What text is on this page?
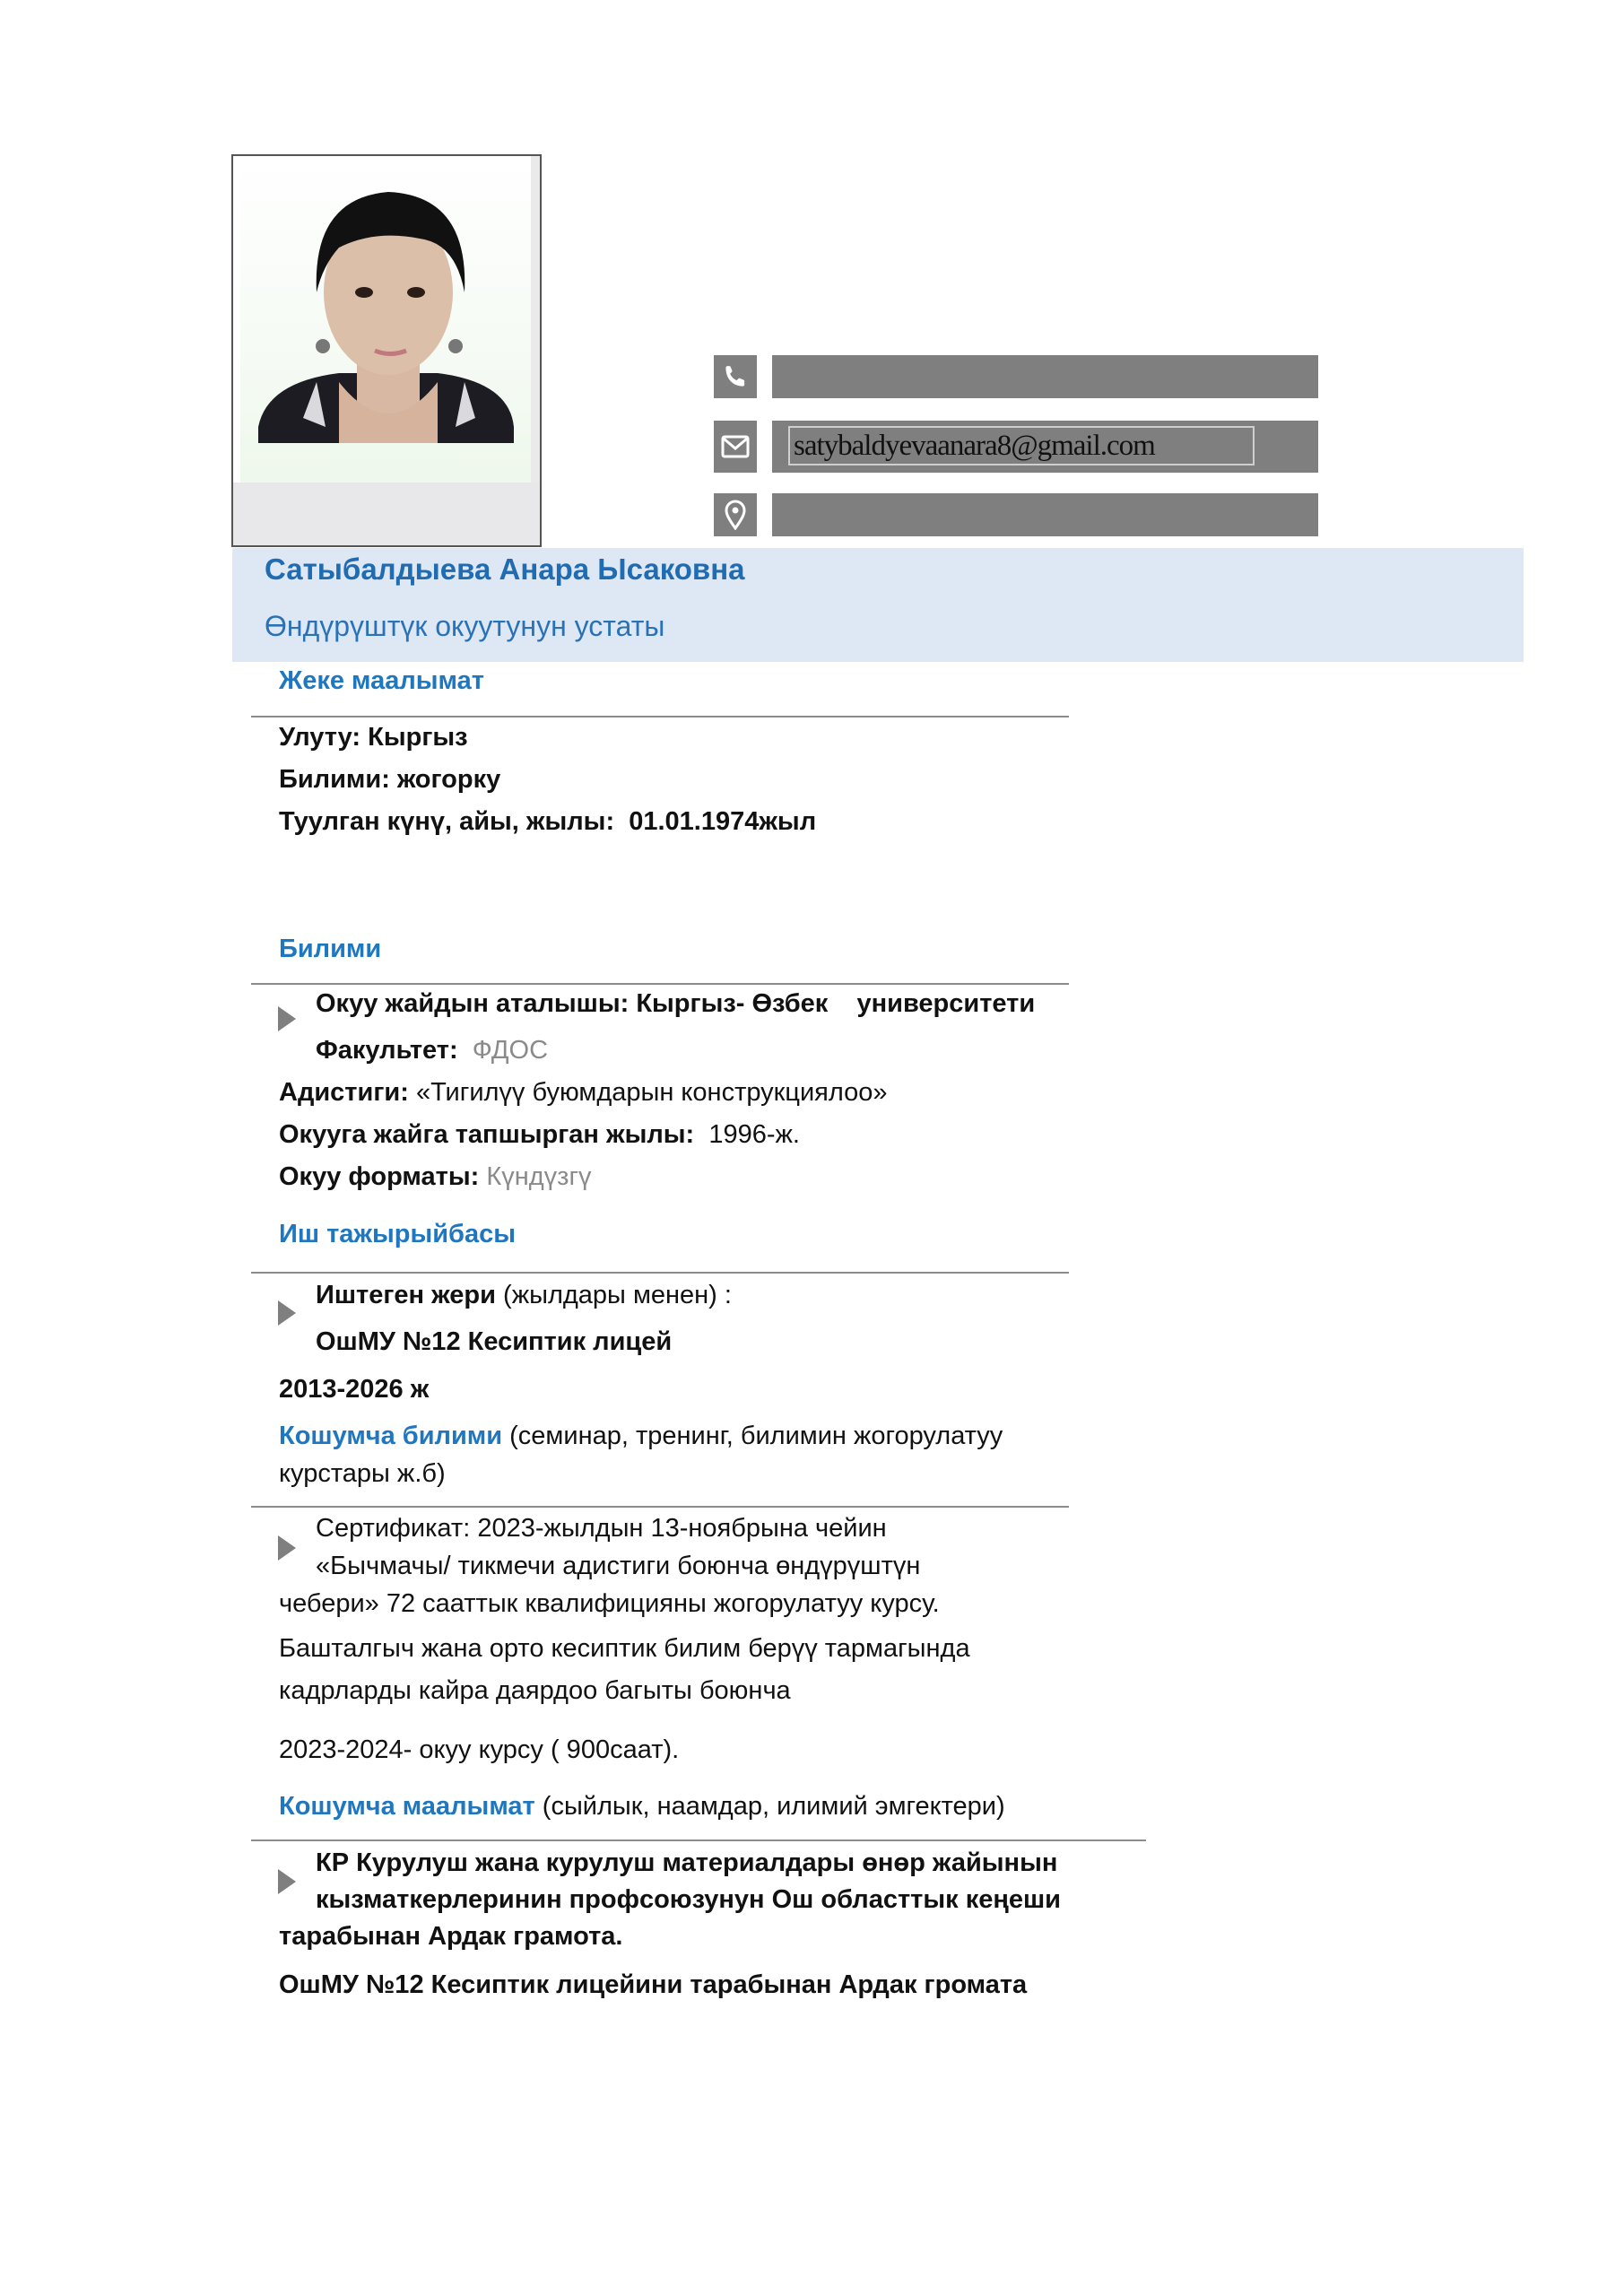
satybaldyevaanara8@gmail.com
Сатыбалдыева Анара Ысаковна
Өндүрүштүк окуутунун устаты
Жеке маалымат
Улуту: Кыргыз
Билими: жогорку
Туулган күнү, айы, жылы: 01.01.1974жыл
Билими
Окуу жайдын аталышы: Кыргыз- Өзбек    университети
Факультет: ФДОС
Адистиги: «Тигилүү буюмдарын конструкциялоо»
Окууга жайга тапшырган жылы: 1996-ж.
Окуу форматы: Күндүзгү
Иш тажырыйбасы
Иштеген жери (жылдары менен) :
ОшМУ №12 Кесиптик лицей
2013-2026 ж
Кошумча билими (семинар, тренинг, билимин жогорулатуу
курстары ж.б)
Сертификат: 2023-жылдын 13-ноябрына чейин
«Бычмачы/ тикмечи адистиги боюнча өндүрүштүн
чебери» 72 сааттык квалифицияны жогорулатуу курсу.
Башталгыч жана орто кесиптик билим берүү тармагында
кадрларды кайра даярдоо багыты боюнча
2023-2024- окуу курсу ( 900саат).
Кошумча маалымат (сыйлык, наамдар, илимий эмгектери)
КР Курулуш жана курулуш материалдары өнөр жайынын
кызматкерлеринин профсоюзунун Ош областтык кеңеши
тарабынан Ардак грамота.
ОшМУ №12 Кесиптик лицейини тарабынан Ардак громата
